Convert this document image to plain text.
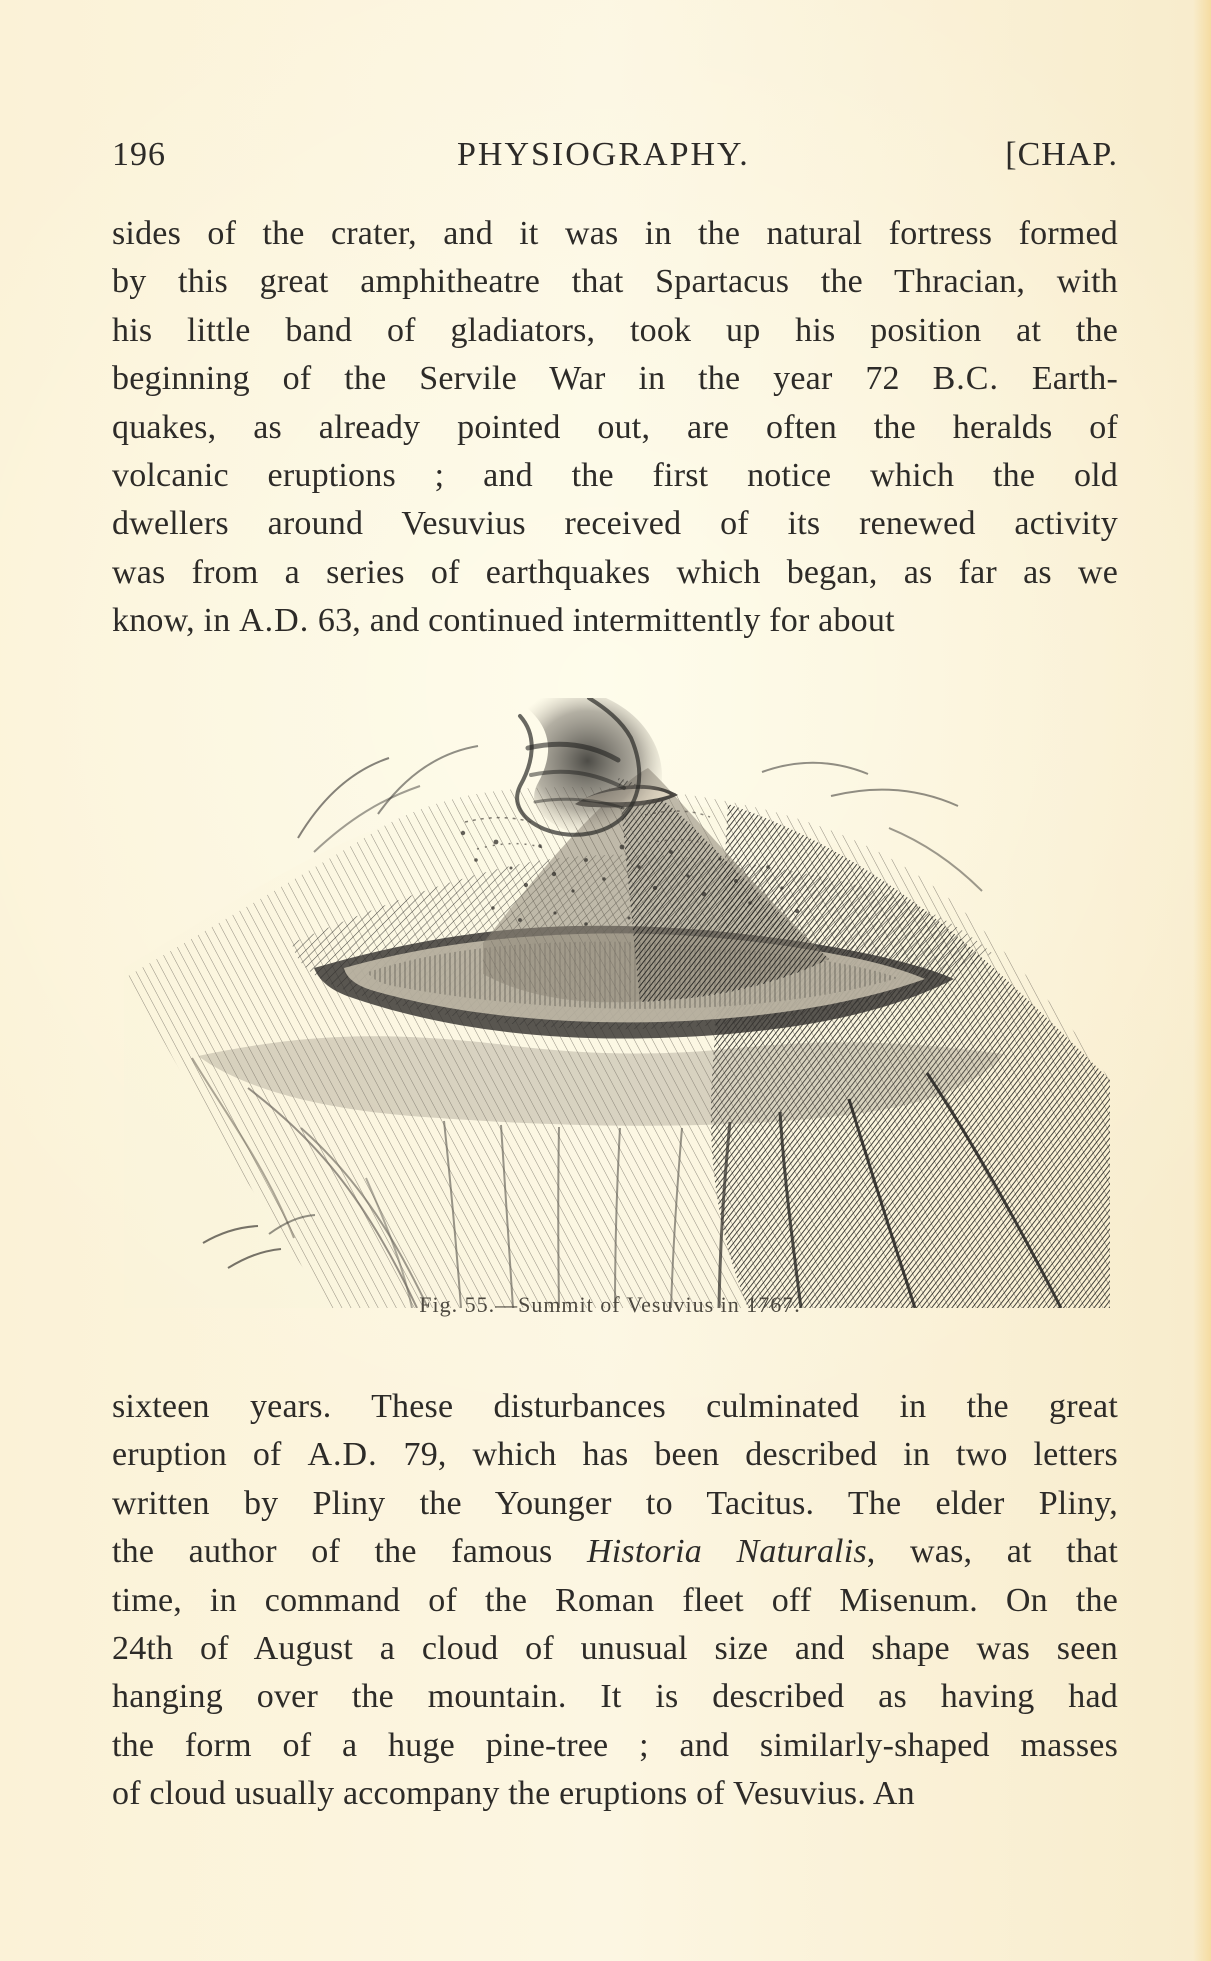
196	PHYSIOGRAPHY.	[CHAP.

sides of the crater, and it was in the natural fortress formed
by this great amphitheatre that Spartacus the Thracian, with
his little band of gladiators, took up his position at the
beginning of the Servile War in the year 72 B.C. Earth-
quakes, as already pointed out, are often the heralds of
volcanic eruptions ; and the first notice which the old
dwellers around Vesuvius received of its renewed activity
was from a series of earthquakes which began, as far as we
know, in A.D. 63, and continued intermittently for about

Fig. 55.—Summit of Vesuvius in 1767.

sixteen years. These disturbances culminated in the great
eruption of A.D. 79, which has been described in two letters
written by Pliny the Younger to Tacitus. The elder Pliny,
the author of the famous Historia Naturalis, was, at that
time, in command of the Roman fleet off Misenum. On the
24th of August a cloud of unusual size and shape was seen
hanging over the mountain. It is described as having had
the form of a huge pine-tree ; and similarly-shaped masses
of cloud usually accompany the eruptions of Vesuvius. An
